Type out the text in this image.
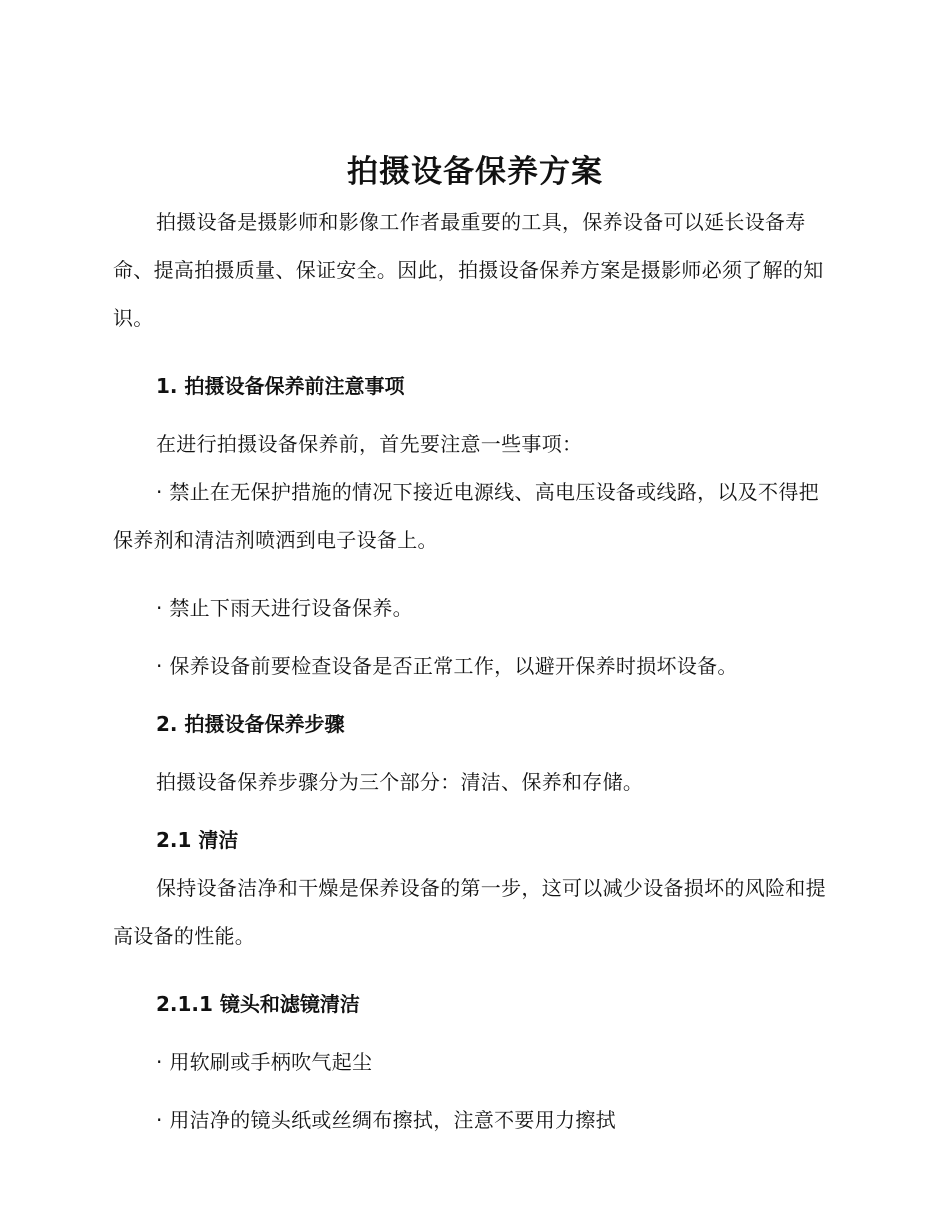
拍摄设备保养方案

拍摄设备是摄影师和影像工作者最重要的工具，保养设备可以延长设备寿命、提高拍摄质量、保证安全。因此，拍摄设备保养方案是摄影师必须了解的知识。

1. 拍摄设备保养前注意事项

在进行拍摄设备保养前，首先要注意一些事项：

· 禁止在无保护措施的情况下接近电源线、高电压设备或线路，以及不得把保养剂和清洁剂喷洒到电子设备上。

· 禁止下雨天进行设备保养。

· 保养设备前要检查设备是否正常工作，以避开保养时损坏设备。

2. 拍摄设备保养步骤

拍摄设备保养步骤分为三个部分：清洁、保养和存储。

2.1 清洁

保持设备洁净和干燥是保养设备的第一步，这可以减少设备损坏的风险和提高设备的性能。

2.1.1 镜头和滤镜清洁

· 用软刷或手柄吹气起尘

· 用洁净的镜头纸或丝绸布擦拭，注意不要用力擦拭
